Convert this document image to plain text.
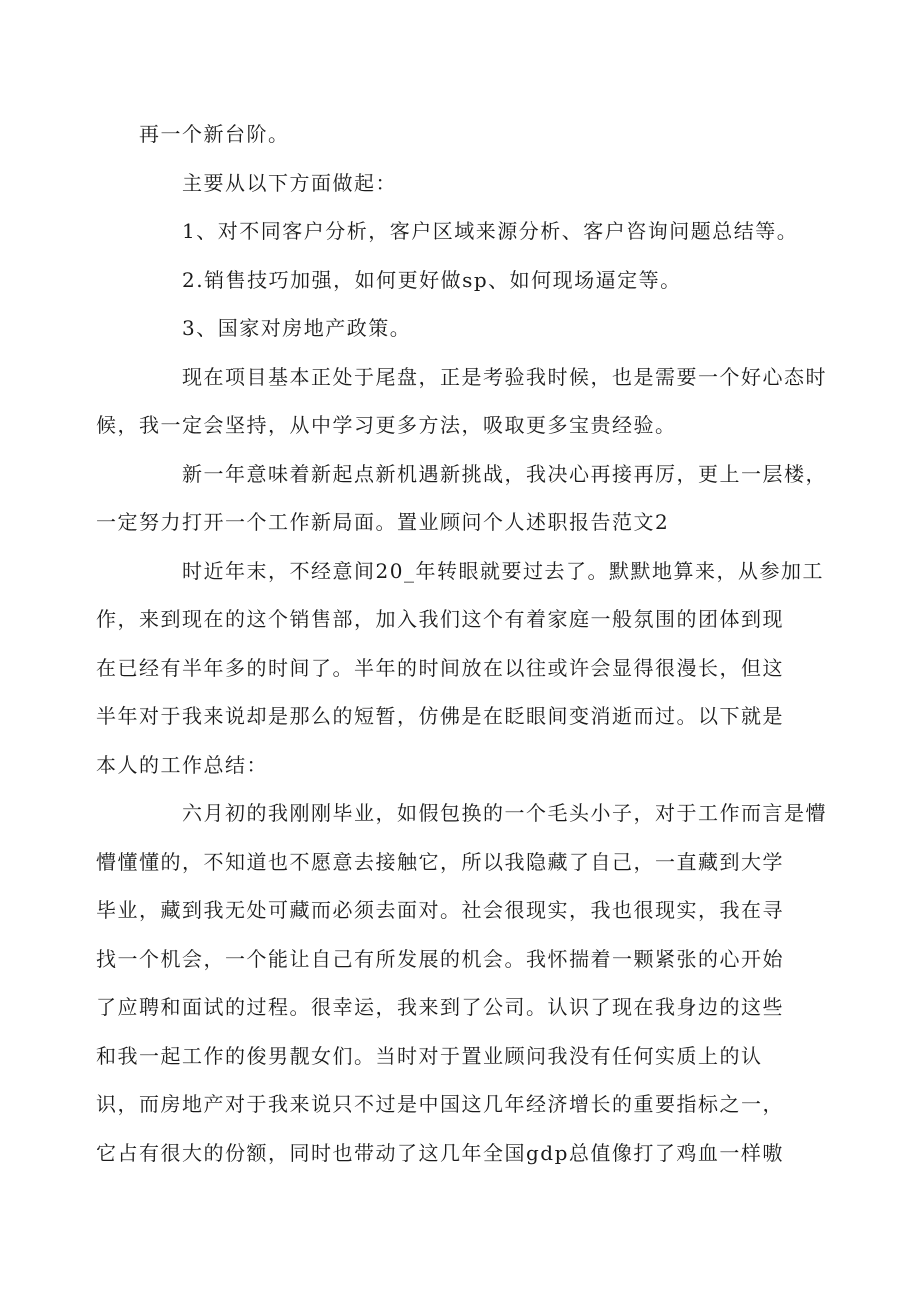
再一个新台阶。

主要从以下方面做起：

1、对不同客户分析，客户区域来源分析、客户咨询问题总结等。

2.销售技巧加强，如何更好做sp、如何现场逼定等。

3、国家对房地产政策。

现在项目基本正处于尾盘，正是考验我时候，也是需要一个好心态时
候，我一定会坚持，从中学习更多方法，吸取更多宝贵经验。

新一年意味着新起点新机遇新挑战，我决心再接再厉，更上一层楼，
一定努力打开一个工作新局面。置业顾问个人述职报告范文2

时近年末，不经意间20_年转眼就要过去了。默默地算来，从参加工
作，来到现在的这个销售部，加入我们这个有着家庭一般氛围的团体到现
在已经有半年多的时间了。半年的时间放在以往或许会显得很漫长，但这
半年对于我来说却是那么的短暂，仿佛是在眨眼间变消逝而过。以下就是
本人的工作总结：

六月初的我刚刚毕业，如假包换的一个毛头小子，对于工作而言是懵
懵懂懂的，不知道也不愿意去接触它，所以我隐藏了自己，一直藏到大学
毕业，藏到我无处可藏而必须去面对。社会很现实，我也很现实，我在寻
找一个机会，一个能让自己有所发展的机会。我怀揣着一颗紧张的心开始
了应聘和面试的过程。很幸运，我来到了公司。认识了现在我身边的这些
和我一起工作的俊男靓女们。当时对于置业顾问我没有任何实质上的认
识，而房地产对于我来说只不过是中国这几年经济增长的重要指标之一，
它占有很大的份额，同时也带动了这几年全国gdp总值像打了鸡血一样嗷
